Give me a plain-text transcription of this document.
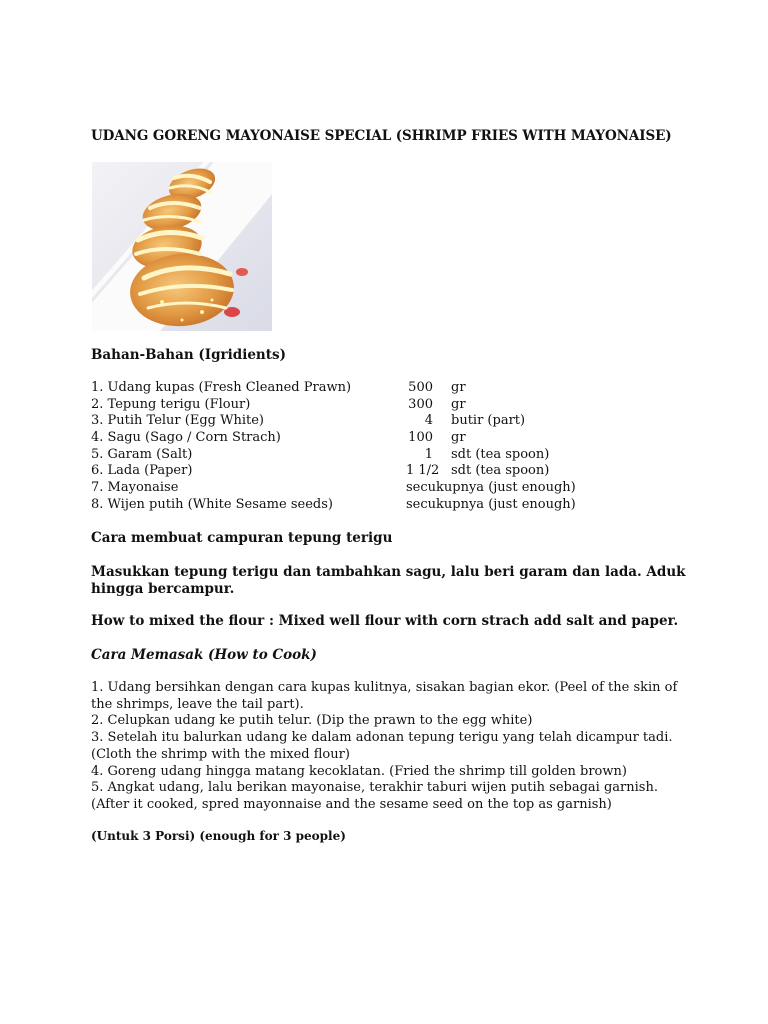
UDANG GORENG MAYONAISE SPECIAL (SHRIMP FRIES WITH MAYONAISE)
Bahan-Bahan (Igridients)
1. Udang kupas (Fresh Cleaned Prawn)	500 gr
2. Tepung terigu (Flour)	300 gr
3. Putih Telur (Egg White)	4 butir (part)
4. Sagu (Sago / Corn Strach)	100 gr
5. Garam (Salt)	1 sdt (tea spoon)
6. Lada (Paper)	1 1/2 sdt (tea spoon)
7. Mayonaise	secukupnya (just enough)
8. Wijen putih (White Sesame seeds)	secukupnya (just enough)
Cara membuat campuran tepung terigu
Masukkan tepung terigu dan tambahkan sagu, lalu beri garam dan lada. Aduk hingga bercampur.
How to mixed the flour : Mixed well flour with corn strach add salt and paper.
Cara Memasak (How to Cook)

1. Udang bersihkan dengan cara kupas kulitnya, sisakan bagian ekor. (Peel of the skin of the shrimps, leave the tail part).

2. Celupkan udang ke putih telur. (Dip the prawn to the egg white)

3. Setelah itu balurkan udang ke dalam adonan tepung terigu yang telah dicampur tadi. (Cloth the shrimp with the mixed flour)

4. Goreng udang hingga matang kecoklatan. (Fried the shrimp till golden brown)

5. Angkat udang, lalu berikan mayonaise, terakhir taburi wijen putih sebagai garnish. (After it cooked, spred mayonnaise and the sesame seed on the top as garnish)

(Untuk 3 Porsi) (enough for 3 people)
